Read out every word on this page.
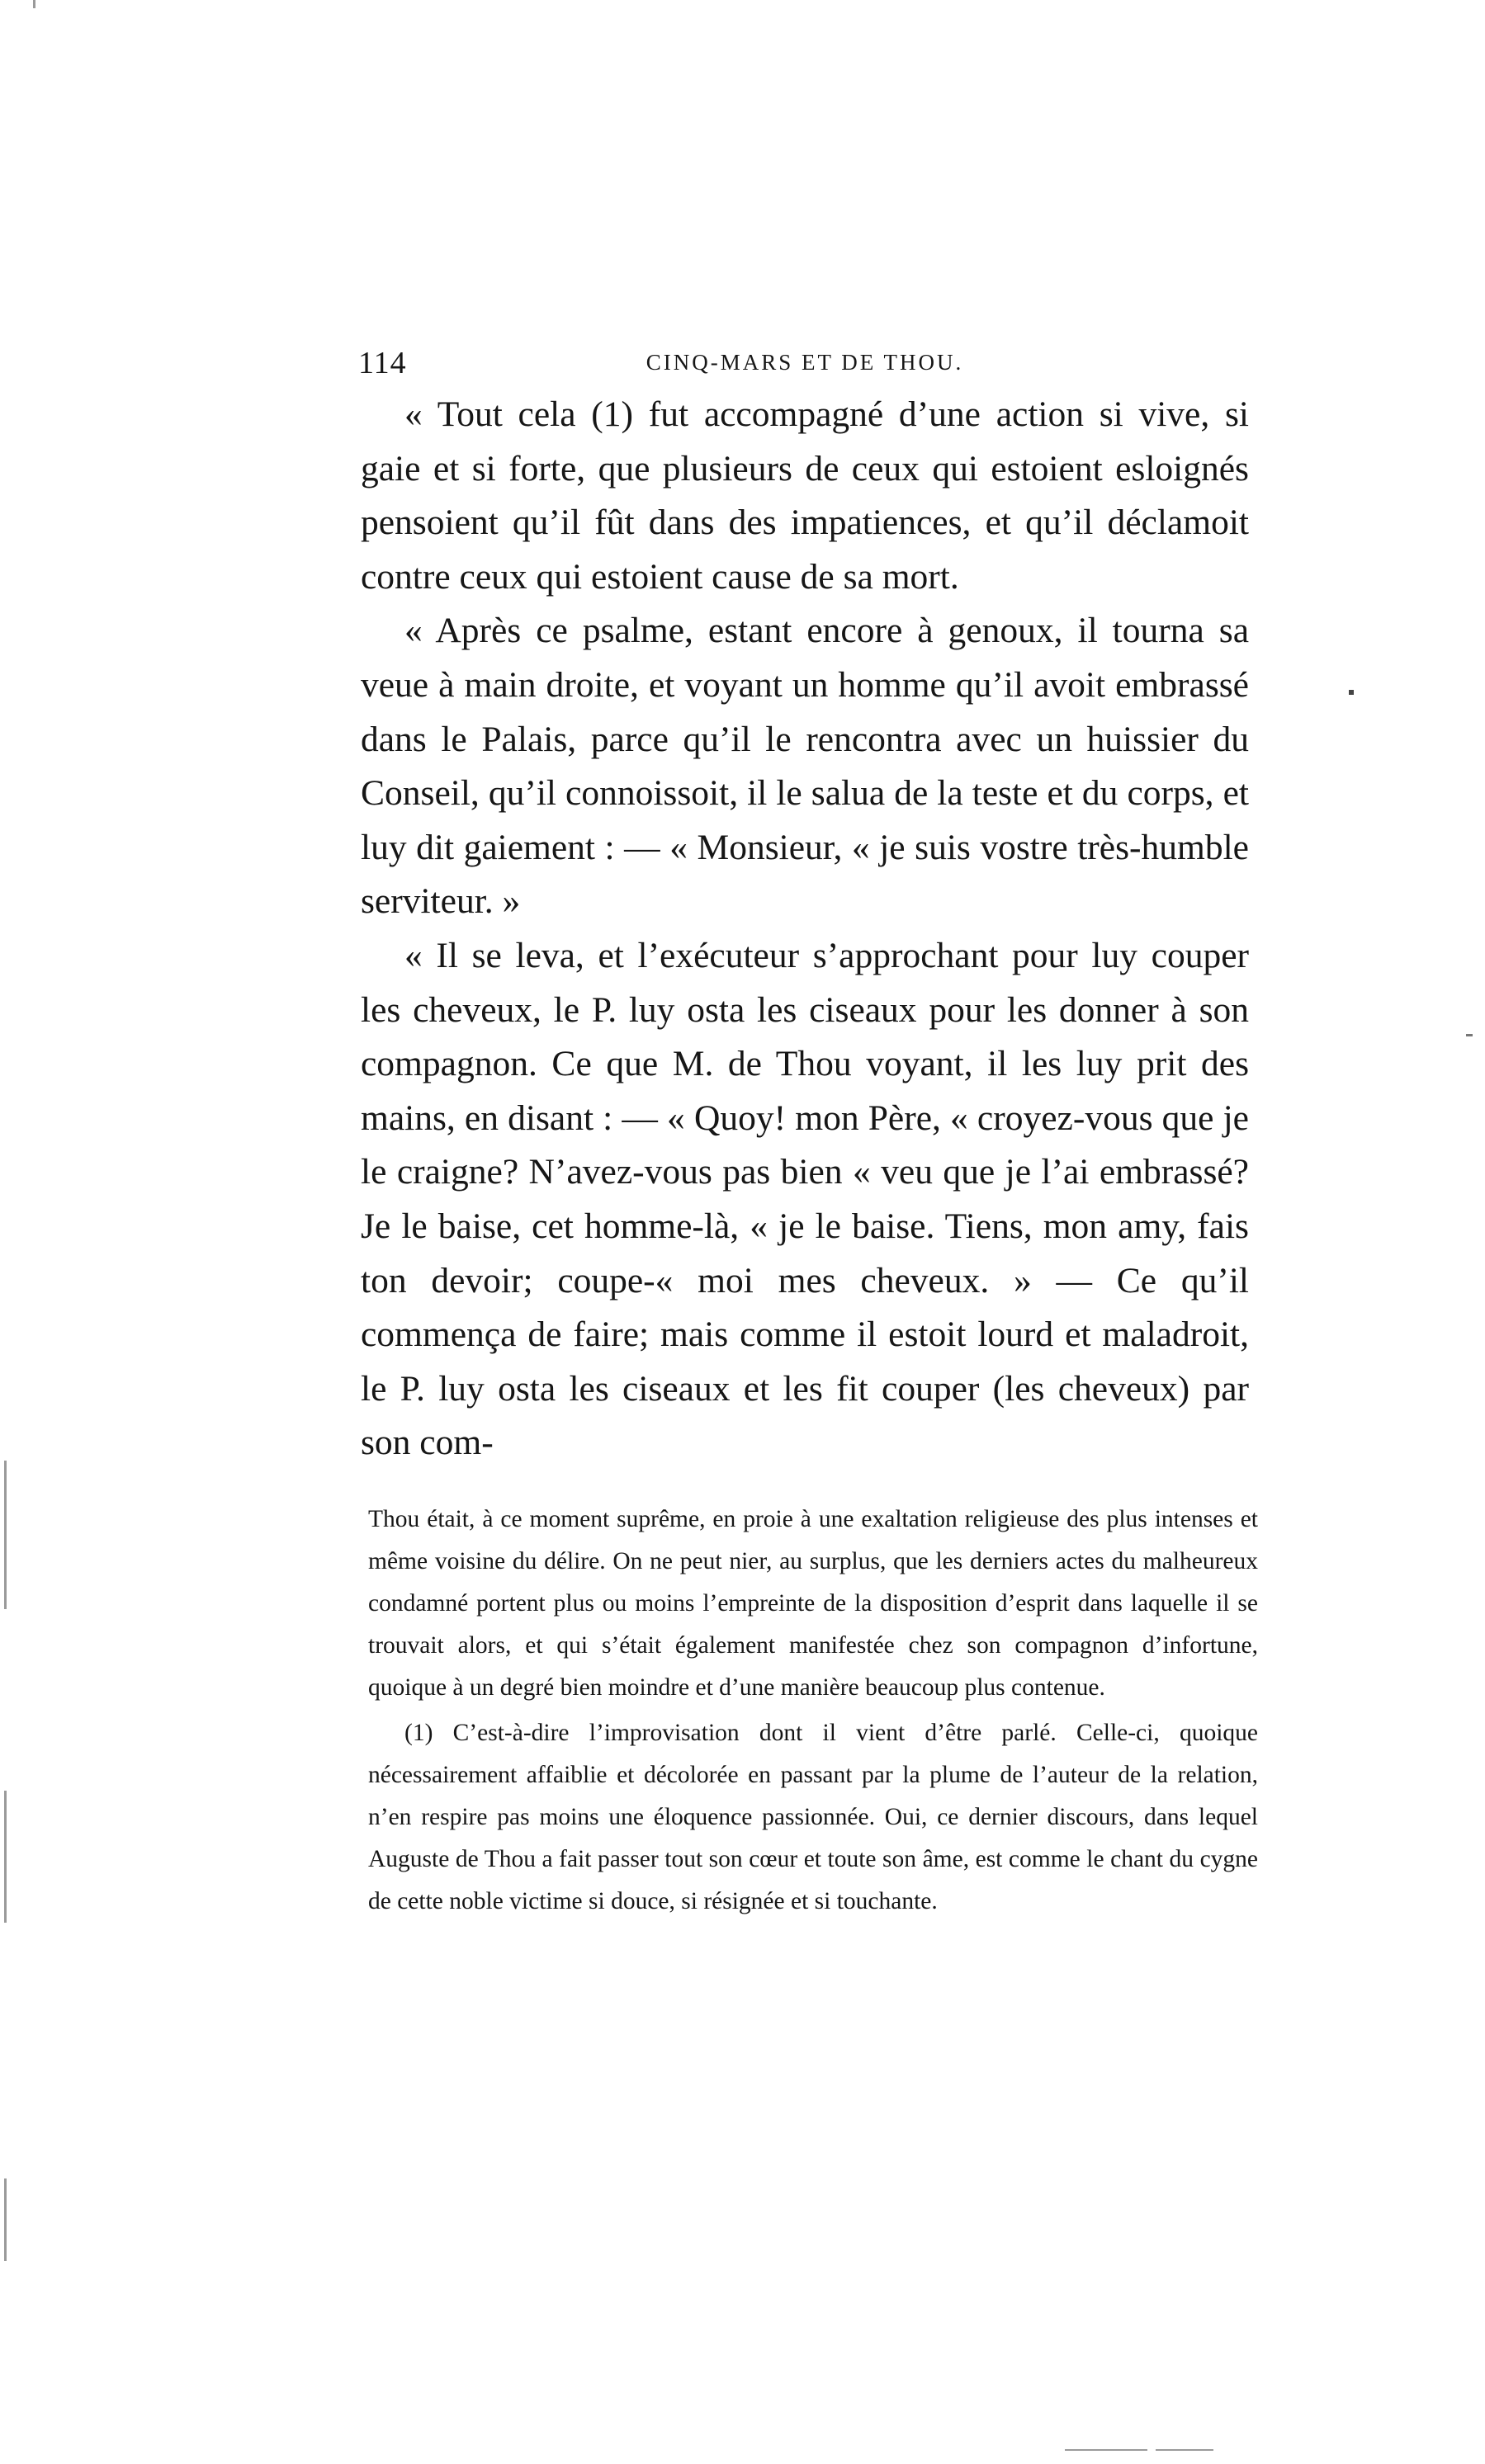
114	CINQ-MARS ET DE THOU.

« Tout cela (1) fut accompagné d’une action si vive, si gaie et si forte, que plusieurs de ceux qui estoient esloignés pensoient qu’il fût dans des impatiences, et qu’il déclamoit contre ceux qui estoient cause de sa mort.

« Après ce psalme, estant encore à genoux, il tourna sa veue à main droite, et voyant un homme qu’il avoit embrassé dans le Palais, parce qu’il le rencontra avec un huissier du Conseil, qu’il connoissoit, il le salua de la teste et du corps, et luy dit gaiement : — « Monsieur, « je suis vostre très-humble serviteur. »

« Il se leva, et l’exécuteur s’approchant pour luy couper les cheveux, le P. luy osta les ciseaux pour les donner à son compagnon. Ce que M. de Thou voyant, il les luy prit des mains, en disant : — « Quoy! mon Père, « croyez-vous que je le craigne? N’avez-vous pas bien « veu que je l’ai embrassé? Je le baise, cet homme-là, « je le baise. Tiens, mon amy, fais ton devoir; coupe-« moi mes cheveux. » — Ce qu’il commença de faire; mais comme il estoit lourd et maladroit, le P. luy osta les ciseaux et les fit couper (les cheveux) par son com-

Thou était, à ce moment suprême, en proie à une exaltation religieuse des plus intenses et même voisine du délire. On ne peut nier, au surplus, que les derniers actes du malheureux condamné portent plus ou moins l’empreinte de la disposition d’esprit dans laquelle il se trouvait alors, et qui s’était également manifestée chez son compagnon d’infortune, quoique à un degré bien moindre et d’une manière beaucoup plus contenue.

(1) C’est-à-dire l’improvisation dont il vient d’être parlé. Celle-ci, quoique nécessairement affaiblie et décolorée en passant par la plume de l’auteur de la relation, n’en respire pas moins une éloquence passionnée. Oui, ce dernier discours, dans lequel Auguste de Thou a fait passer tout son cœur et toute son âme, est comme le chant du cygne de cette noble victime si douce, si résignée et si touchante.
